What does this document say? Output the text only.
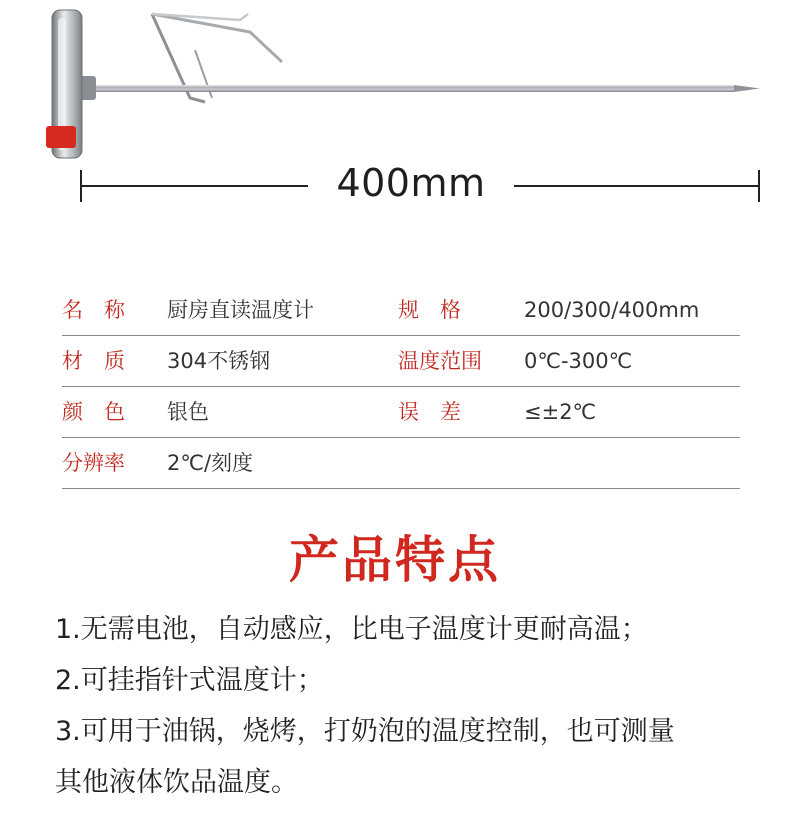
400mm
名　称 厨房直读温度计	规　格	200/300/400mm
材　质 304不锈钢	温度范围 0℃-300℃
颜　色 银色	误　差	≤±2℃
分辨率 2℃/刻度
产品特点
1.无需电池，自动感应，比电子温度计更耐高温；
2.可挂指针式温度计；
3.可用于油锅，烧烤，打奶泡的温度控制，也可测量
其他液体饮品温度。
